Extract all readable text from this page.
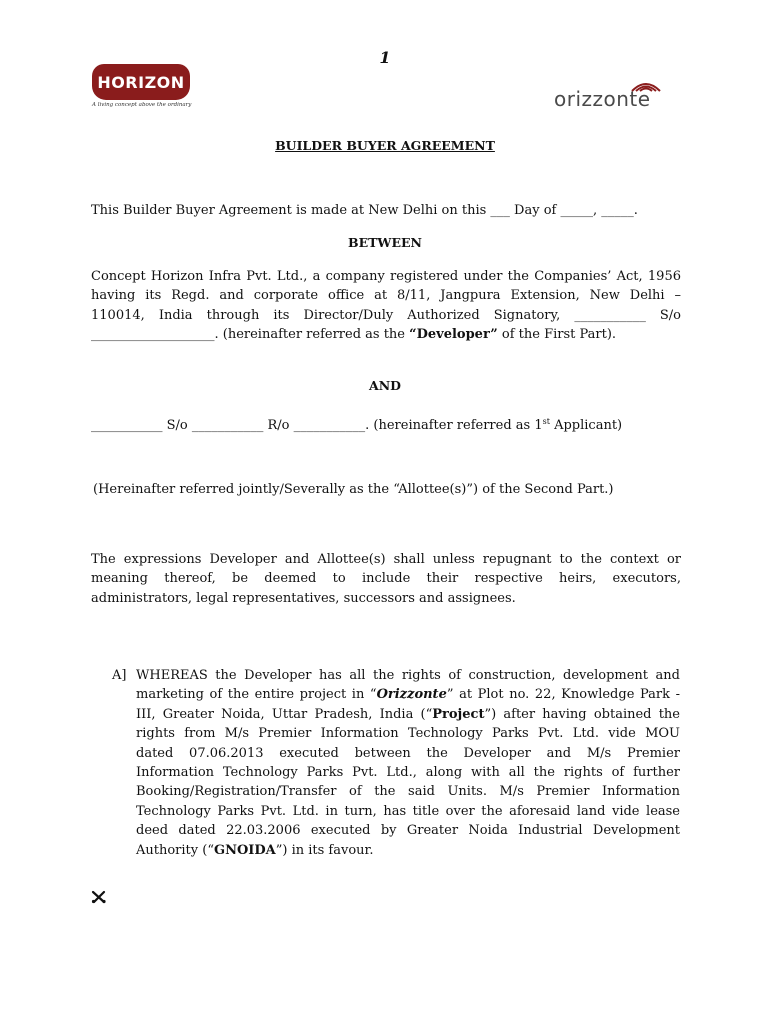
1
HORIZON
A living concept above the ordinary	orizzonte
BUILDER BUYER AGREEMENT
This Builder Buyer Agreement is made at New Delhi on this ___ Day of _____, _____.
BETWEEN
Concept Horizon Infra Pvt. Ltd., a company registered under the Companies’ Act, 1956
having its Regd. and corporate office at 8/11, Jangpura Extension, New Delhi –
110014, India through its Director/Duly Authorized Signatory, ___________ S/o
___________________. (hereinafter referred as the “Developer” of the First Part).
AND
___________ S/o ___________ R/o ___________. (hereinafter referred as 1st Applicant)
(Hereinafter referred jointly/Severally as the “Allottee(s)”) of the Second Part.)
The expressions Developer and Allottee(s) shall unless repugnant to the context or
meaning thereof, be deemed to include their respective heirs, executors,
administrators, legal representatives, successors and assignees.
A] WHEREAS the Developer has all the rights of construction, development and
marketing of the entire project in “Orizzonte” at Plot no. 22, Knowledge Park -
III, Greater Noida, Uttar Pradesh, India (“Project”) after having obtained the
rights from M/s Premier Information Technology Parks Pvt. Ltd. vide MOU
dated 07.06.2013 executed between the Developer and M/s Premier
Information Technology Parks Pvt. Ltd., along with all the rights of further
Booking/Registration/Transfer of the said Units. M/s Premier Information
Technology Parks Pvt. Ltd. in turn, has title over the aforesaid land vide lease
deed dated 22.03.2006 executed by Greater Noida Industrial Development
Authority (“GNOIDA”) in its favour.
